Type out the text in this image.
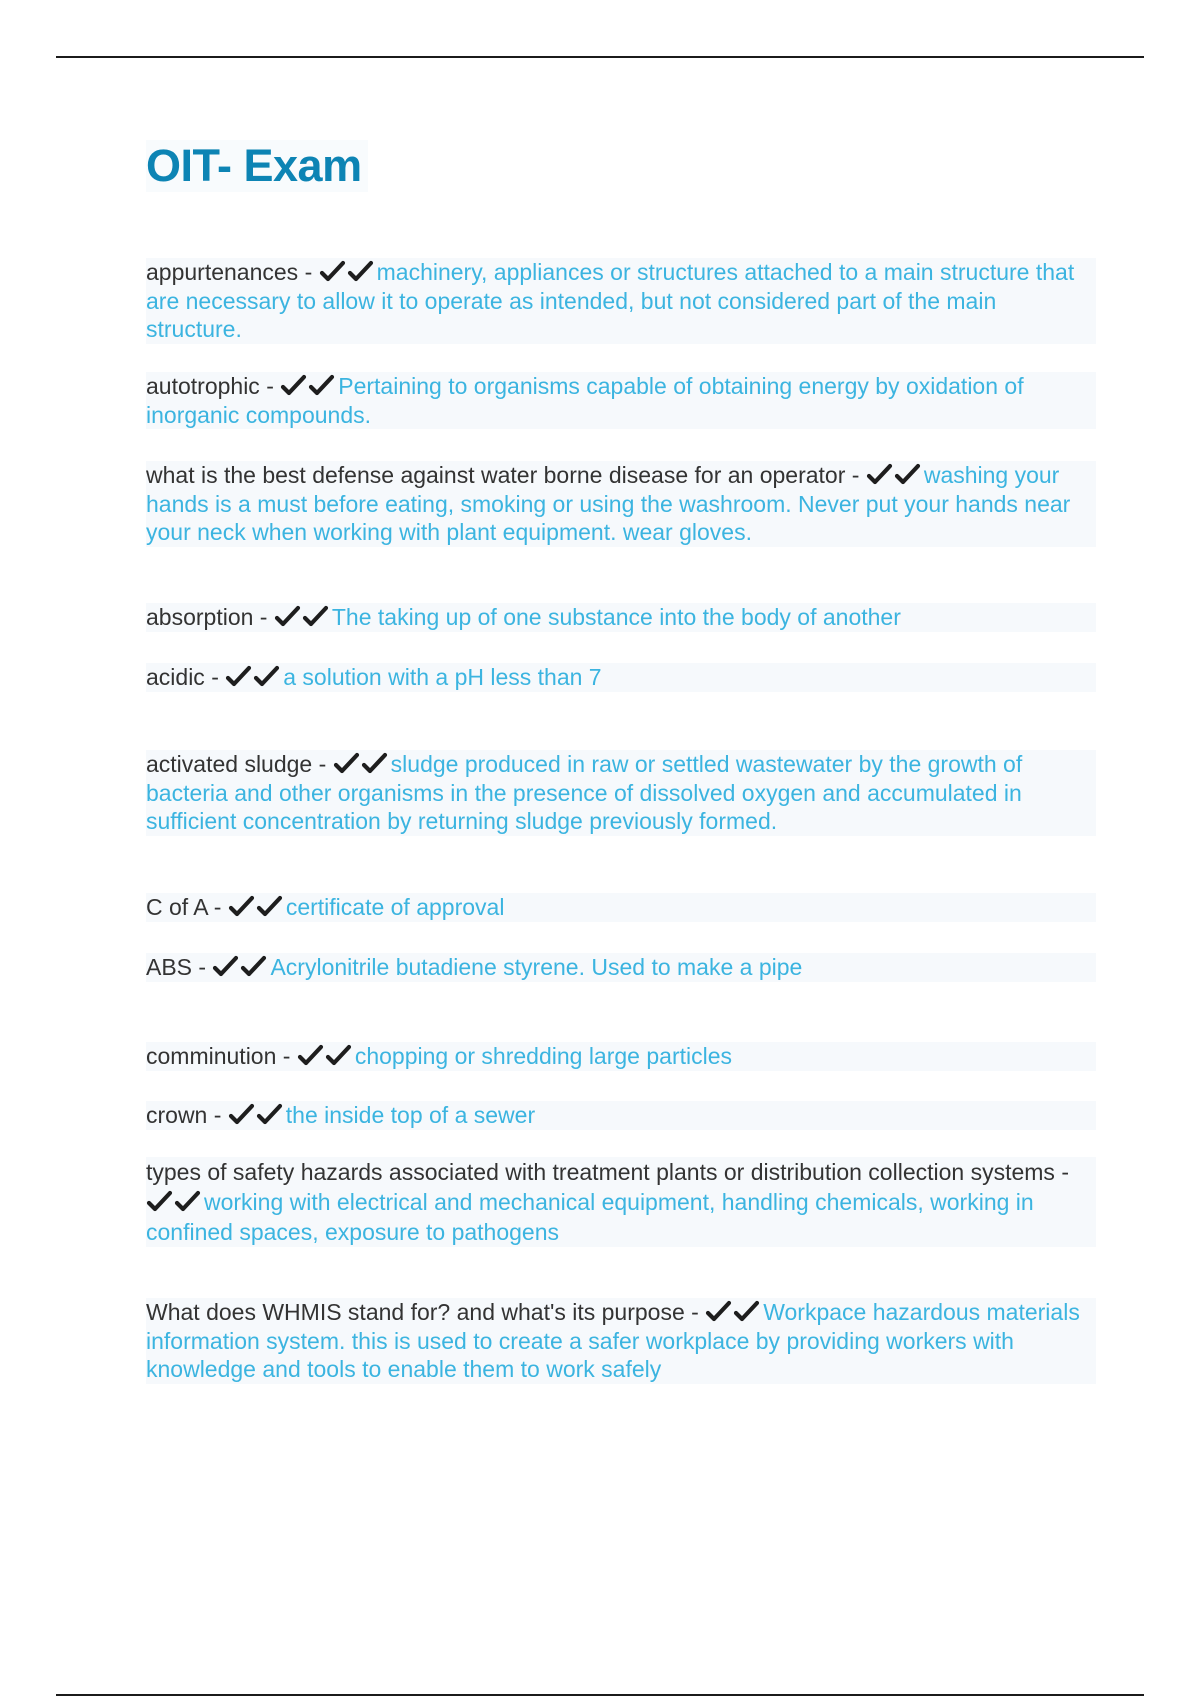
OIT- Exam
appurtenances -	machinery, appliances or structures attached to a main structure that are necessary to allow it to operate as intended, but not considered part of the main structure.
autotrophic -	Pertaining to organisms capable of obtaining energy by oxidation of inorganic compounds.
what is the best defense against water borne disease for an operator -	washing your hands is a must before eating, smoking or using the washroom. Never put your hands near your neck when working with plant equipment. wear gloves.
absorption -	The taking up of one substance into the body of another
acidic -	a solution with a pH less than 7
activated sludge -	sludge produced in raw or settled wastewater by the growth of bacteria and other organisms in the presence of dissolved oxygen and accumulated in sufficient concentration by returning sludge previously formed.
C of A -	certificate of approval
ABS -	Acrylonitrile butadiene styrene. Used to make a pipe
comminution -	chopping or shredding large particles
crown -	the inside top of a sewer
types of safety hazards associated with treatment plants or distribution collection systems -
working with electrical and mechanical equipment, handling chemicals, working in confined spaces, exposure to pathogens
What does WHMIS stand for? and what's its purpose -	Workpace hazardous materials information system. this is used to create a safer workplace by providing workers with knowledge and tools to enable them to work safely
